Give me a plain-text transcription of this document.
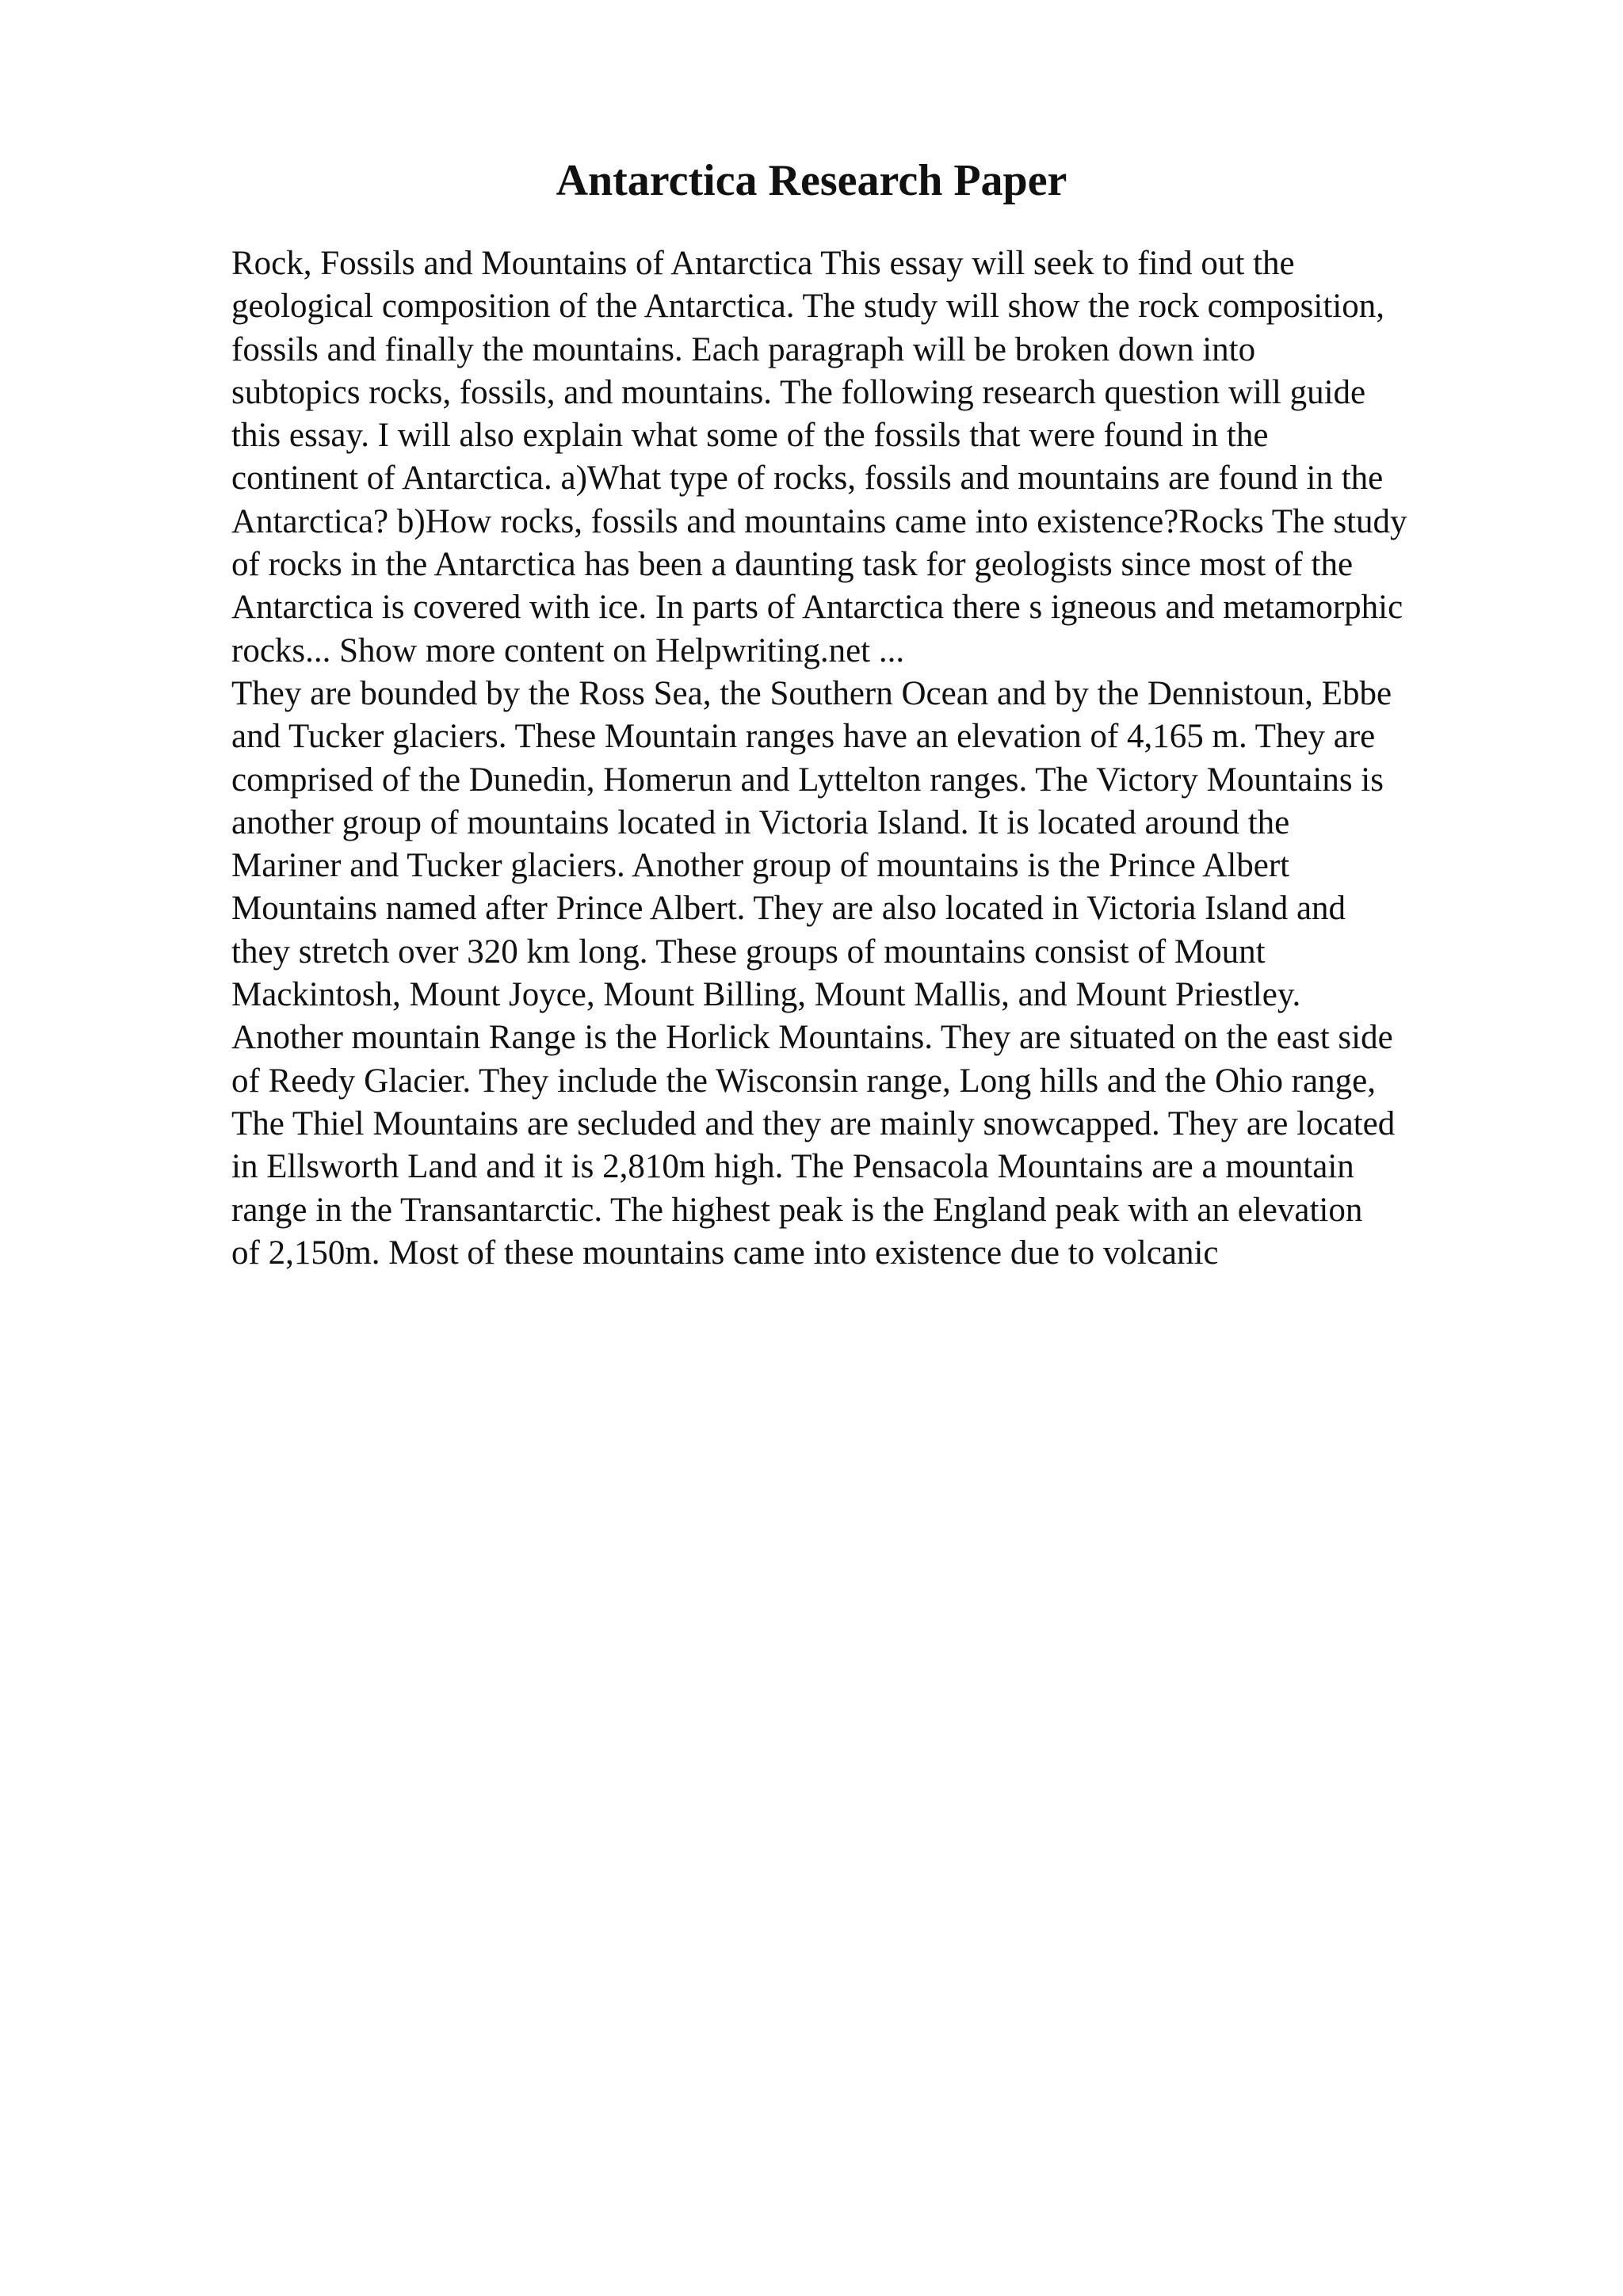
Antarctica Research Paper
Rock, Fossils and Mountains of Antarctica This essay will seek to find out the
geological composition of the Antarctica. The study will show the rock composition,
fossils and finally the mountains. Each paragraph will be broken down into
subtopics rocks, fossils, and mountains. The following research question will guide
this essay. I will also explain what some of the fossils that were found in the
continent of Antarctica. a)What type of rocks, fossils and mountains are found in the
Antarctica? b)How rocks, fossils and mountains came into existence?Rocks The study
of rocks in the Antarctica has been a daunting task for geologists since most of the
Antarctica is covered with ice. In parts of Antarctica there s igneous and metamorphic
rocks... Show more content on Helpwriting.net ...
They are bounded by the Ross Sea, the Southern Ocean and by the Dennistoun, Ebbe
and Tucker glaciers. These Mountain ranges have an elevation of 4,165 m. They are
comprised of the Dunedin, Homerun and Lyttelton ranges. The Victory Mountains is
another group of mountains located in Victoria Island. It is located around the
Mariner and Tucker glaciers. Another group of mountains is the Prince Albert
Mountains named after Prince Albert. They are also located in Victoria Island and
they stretch over 320 km long. These groups of mountains consist of Mount
Mackintosh, Mount Joyce, Mount Billing, Mount Mallis, and Mount Priestley.
Another mountain Range is the Horlick Mountains. They are situated on the east side
of Reedy Glacier. They include the Wisconsin range, Long hills and the Ohio range,
The Thiel Mountains are secluded and they are mainly snowcapped. They are located
in Ellsworth Land and it is 2,810m high. The Pensacola Mountains are a mountain
range in the Transantarctic. The highest peak is the England peak with an elevation
of 2,150m. Most of these mountains came into existence due to volcanic
